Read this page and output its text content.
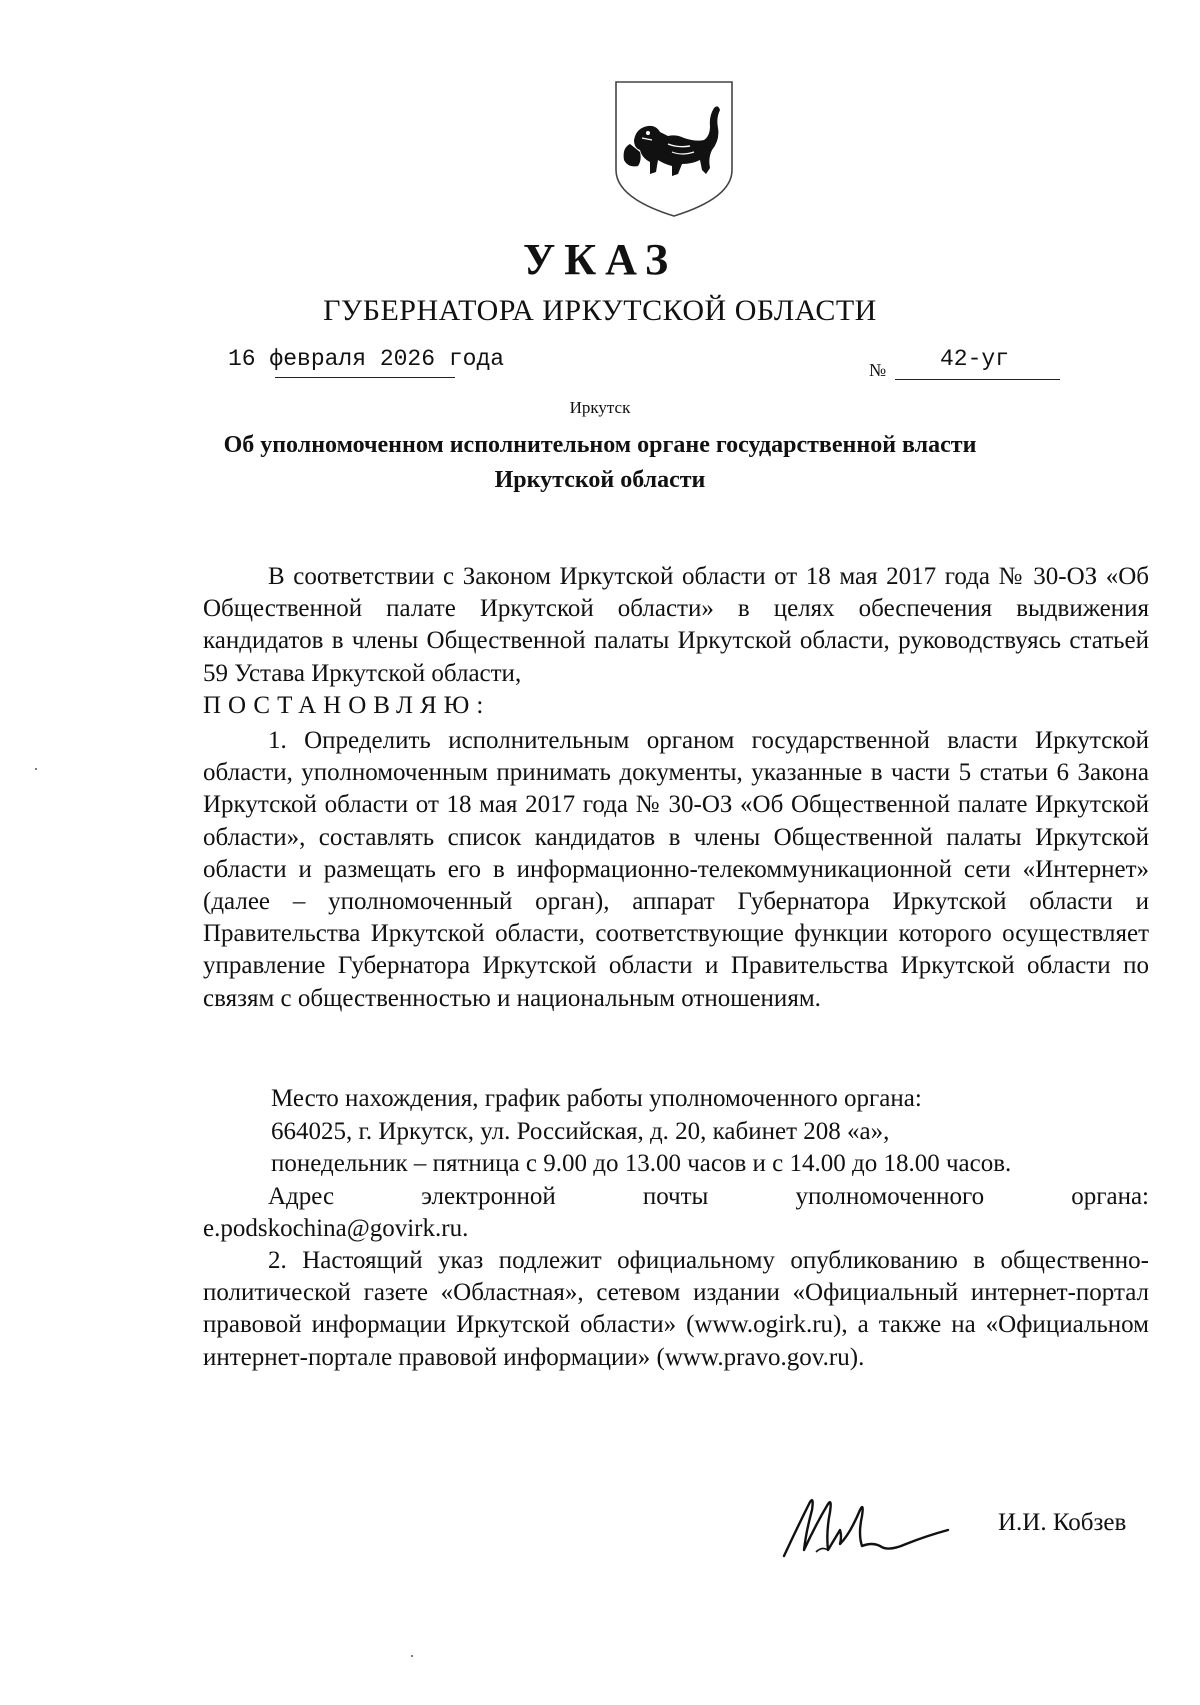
УКАЗ
ГУБЕРНАТОРА ИРКУТСКОЙ ОБЛАСТИ
16 февраля 2026 года	№ 42-уг
Иркутск
Об уполномоченном исполнительном органе государственной власти
Иркутской области
В соответствии с Законом Иркутской области от 18 мая 2017 года № 30-ОЗ «Об Общественной палате Иркутской области» в целях обеспечения выдвижения кандидатов в члены Общественной палаты Иркутской области, руководствуясь статьей 59 Устава Иркутской области,
ПОСТАНОВЛЯЮ:
1. Определить исполнительным органом государственной власти Иркутской области, уполномоченным принимать документы, указанные в части 5 статьи 6 Закона Иркутской области от 18 мая 2017 года № 30-ОЗ «Об Общественной палате Иркутской области», составлять список кандидатов в члены Общественной палаты Иркутской области и размещать его в информационно-телекоммуникационной сети «Интернет» (далее – уполномоченный орган), аппарат Губернатора Иркутской области и Правительства Иркутской области, соответствующие функции которого осуществляет управление Губернатора Иркутской области и Правительства Иркутской области по связям с общественностью и национальным отношениям.
Место нахождения, график работы уполномоченного органа:
664025, г. Иркутск, ул. Российская, д. 20, кабинет 208 «а»,
понедельник – пятница с 9.00 до 13.00 часов и с 14.00 до 18.00 часов.
Адрес электронной почты уполномоченного органа:
e.podskochina@govirk.ru.
2. Настоящий указ подлежит официальному опубликованию в общественно-политической газете «Областная», сетевом издании «Официальный интернет-портал правовой информации Иркутской области» (www.ogirk.ru), а также на «Официальном интернет-портале правовой информации» (www.pravo.gov.ru).
И.И. Кобзев
